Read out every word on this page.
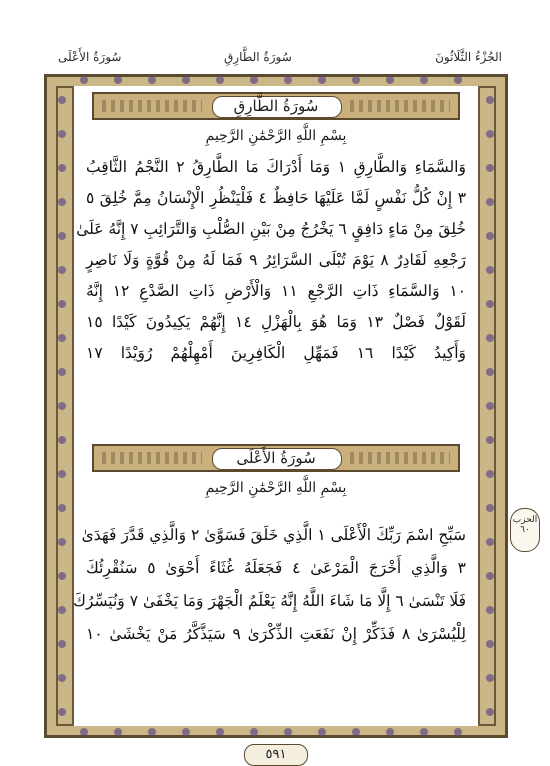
الجُزْءُ الثَّلَاثُونَ
سُورَةُ الطَّارِقِ
سُورَةُ الأَعْلَى
سُورَةُ الطَّارِقِ
بِسْمِ اللَّهِ الرَّحْمَٰنِ الرَّحِيمِ
وَالسَّمَاءِ وَالطَّارِقِ ١ وَمَا أَدْرَاكَ مَا الطَّارِقُ ٢ النَّجْمُ الثَّاقِبُ
٣ إِنْ كُلُّ نَفْسٍ لَمَّا عَلَيْهَا حَافِظٌ ٤ فَلْيَنْظُرِ الْإِنْسَانُ مِمَّ خُلِقَ ٥
خُلِقَ مِنْ مَاءٍ دَافِقٍ ٦ يَخْرُجُ مِنْ بَيْنِ الصُّلْبِ وَالتَّرَائِبِ ٧ إِنَّهُ عَلَىٰ
رَجْعِهِ لَقَادِرٌ ٨ يَوْمَ تُبْلَى السَّرَائِرُ ٩ فَمَا لَهُ مِنْ قُوَّةٍ وَلَا نَاصِرٍ
١٠ وَالسَّمَاءِ ذَاتِ الرَّجْعِ ١١ وَالْأَرْضِ ذَاتِ الصَّدْعِ ١٢ إِنَّهُ
لَقَوْلٌ فَصْلٌ ١٣ وَمَا هُوَ بِالْهَزْلِ ١٤ إِنَّهُمْ يَكِيدُونَ كَيْدًا ١٥
وَأَكِيدُ كَيْدًا ١٦ فَمَهِّلِ الْكَافِرِينَ أَمْهِلْهُمْ رُوَيْدًا ١٧
سُورَةُ الأَعْلَى
بِسْمِ اللَّهِ الرَّحْمَٰنِ الرَّحِيمِ
سَبِّحِ اسْمَ رَبِّكَ الْأَعْلَى ١ الَّذِي خَلَقَ فَسَوَّىٰ ٢ وَالَّذِي قَدَّرَ فَهَدَىٰ
٣ وَالَّذِي أَخْرَجَ الْمَرْعَىٰ ٤ فَجَعَلَهُ غُثَاءً أَحْوَىٰ ٥ سَنُقْرِئُكَ
فَلَا تَنْسَىٰ ٦ إِلَّا مَا شَاءَ اللَّهُ إِنَّهُ يَعْلَمُ الْجَهْرَ وَمَا يَخْفَىٰ ٧ وَنُيَسِّرُكَ
لِلْيُسْرَىٰ ٨ فَذَكِّرْ إِنْ نَفَعَتِ الذِّكْرَىٰ ٩ سَيَذَّكَّرُ مَنْ يَخْشَىٰ ١٠
الحزب
٦٠
٥٩١
